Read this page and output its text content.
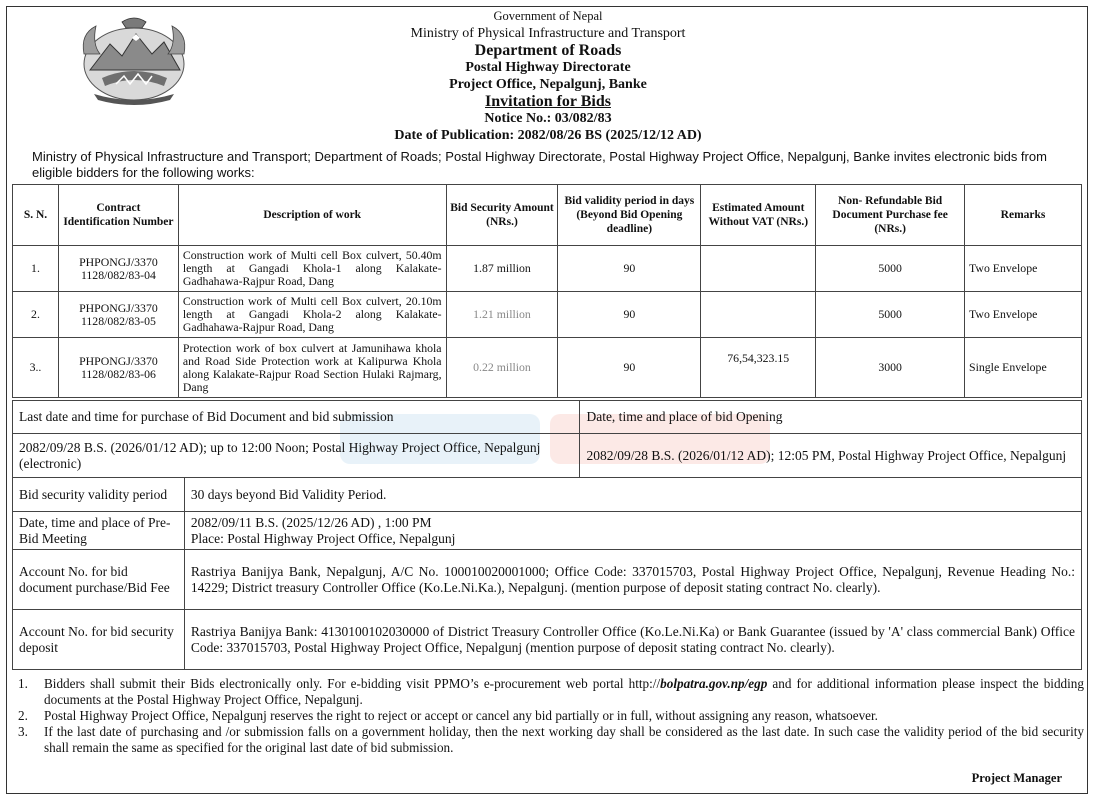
Government of Nepal
Ministry of Physical Infrastructure and Transport
Department of Roads
Postal Highway Directorate
Project Office, Nepalgunj, Banke
Invitation for Bids
Notice No.: 03/082/83
Date of Publication: 2082/08/26 BS (2025/12/12 AD)
Ministry of Physical Infrastructure and Transport; Department of Roads; Postal Highway Directorate, Postal Highway Project Office, Nepalgunj, Banke invites electronic bids from eligible bidders for the following works:
S. N.	Contract Identification Number	Description of work	Bid Security Amount (NRs.)	Bid validity period in days (Beyond Bid Opening deadline)	Estimated Amount Without VAT (NRs.)	Non- Refundable Bid Document Purchase fee (NRs.)	Remarks
1.	PHPONGJ/3370 1128/082/83-04	Construction work of Multi cell Box culvert, 50.40m length at Gangadi Khola-1 along Kalakate-Gadhahawa-Rajpur Road, Dang	1.87 million	90		5000	Two Envelope
2.	PHPONGJ/3370 1128/082/83-05	Construction work of Multi cell Box culvert, 20.10m length at Gangadi Khola-2 along Kalakate-Gadhahawa-Rajpur Road, Dang	1.21 million	90		5000	Two Envelope
3..	PHPONGJ/3370 1128/082/83-06	Protection work of box culvert at Jamunihawa khola and Road Side Protection work at Kalipurwa Khola along Kalakate-Rajpur Road Section Hulaki Rajmarg, Dang	0.22 million	90	76,54,323.15	3000	Single Envelope
Last date and time for purchase of Bid Document and bid submission		Date, time and place of bid Opening
2082/09/28 B.S. (2026/01/12 AD); up to 12:00 Noon; Postal Highway Project Office, Nepalgunj (electronic)		2082/09/28 B.S. (2026/01/12 AD); 12:05 PM, Postal Highway Project Office, Nepalgunj
Bid security validity period	30 days beyond Bid Validity Period.	

Date, time and place of Pre-Bid Meeting	2082/09/11 B.S. (2025/12/26 AD) , 1:00 PM
Place: Postal Highway Project Office, Nepalgunj	

Account No. for bid document purchase/Bid Fee	Rastriya Banijya Bank, Nepalgunj, A/C No. 100010020001000; Office Code: 337015703, Postal Highway Project Office, Nepalgunj, Revenue Heading No.: 14229; District treasury Controller Office (Ko.Le.Ni.Ka.), Nepalgunj. (mention purpose of deposit stating contract No. clearly).	

Account No. for bid security deposit	Rastriya Banijya Bank: 4130100102030000 of District Treasury Controller Office (Ko.Le.Ni.Ka) or Bank Guarantee (issued by 'A' class commercial Bank) Office Code: 337015703, Postal Highway Project Office, Nepalgunj (mention purpose of deposit stating contract No. clearly).	
1.	Bidders shall submit their Bids electronically only. For e-bidding visit PPMO’s e-procurement web portal http://bolpatra.gov.np/egp and for additional information please inspect the bidding documents at the Postal Highway Project Office, Nepalgunj.
2.	Postal Highway Project Office, Nepalgunj reserves the right to reject or accept or cancel any bid partially or in full, without assigning any reason, whatsoever.
3.	If the last date of purchasing and /or submission falls on a government holiday, then the next working day shall be considered as the last date. In such case the validity period of the bid security shall remain the same as specified for the original last date of bid submission.
Project Manager
